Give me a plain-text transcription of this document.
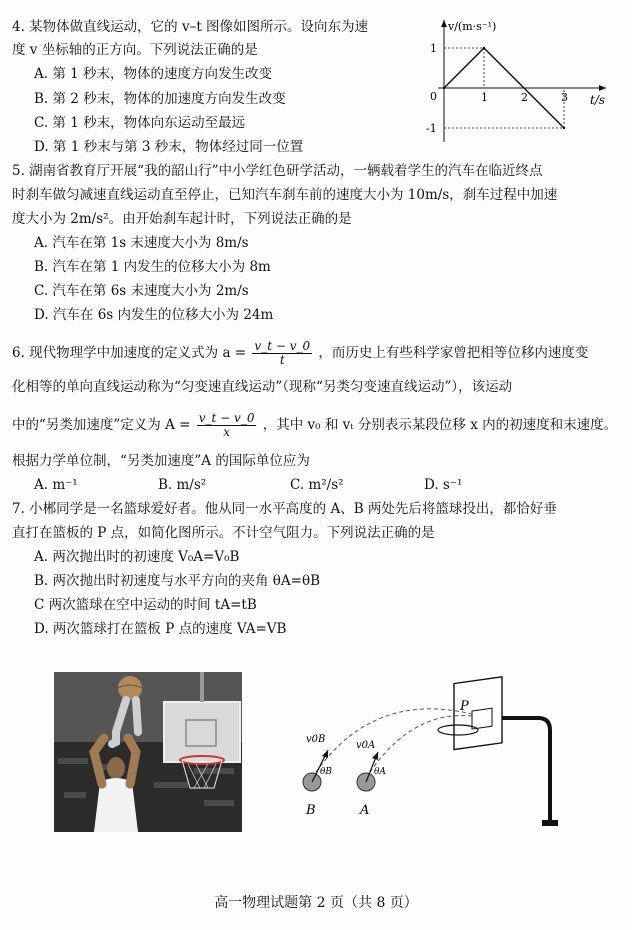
4. 某物体做直线运动，它的 v–t 图像如图所示。设向东为速
度 v 坐标轴的正方向。下列说法正确的是
A. 第 1 秒末，物体的速度方向发生改变
B. 第 2 秒末，物体的加速度方向发生改变
C. 第 1 秒末，物体向东运动至最远
D. 第 1 秒末与第 3 秒末，物体经过同一位置
v/(m·s⁻¹)
t/s
1	2	3
1
0
-1
5. 湖南省教育厅开展“我的韶山行”中小学红色研学活动，一辆载着学生的汽车在临近终点
时刹车做匀减速直线运动直至停止，已知汽车刹车前的速度大小为 10m/s，刹车过程中加速
度大小为 2m/s²。由开始刹车起计时，下列说法正确的是
A. 汽车在第 1s 末速度大小为 8m/s
B. 汽车在第 1 内发生的位移大小为 8m
C. 汽车在第 6s 末速度大小为 2m/s
D. 汽车在 6s 内发生的位移大小为 24m
6. 现代物理学中加速度的定义式为 $a = \frac{v\_t - v\_0}{t}$ ，而历史上有些科学家曾把相等位移内速度变
化相等的单向直线运动称为“匀变速直线运动”（现称“另类匀变速直线运动”），该运动
中的“另类加速度”定义为 $A = \frac{v\_t - v\_0}{x}$ ，其中 v₀ 和 vₜ 分别表示某段位移 x 内的初速度和末速度。
根据力学单位制，“另类加速度”A 的国际单位应为
A. m⁻¹	B. m/s²	C. m²/s²	D. s⁻¹
7. 小郴同学是一名篮球爱好者。他从同一水平高度的 A、B 两处先后将篮球投出，都恰好垂
直打在篮板的 P 点，如简化图所示。不计空气阻力。下列说法正确的是
A. 两次抛出时的初速度 V₀A=V₀B
B. 两次抛出时初速度与水平方向的夹角 θA=θB
C 两次篮球在空中运动的时间 tA=tB
D. 两次篮球打在篮板 P 点的速度 VA=VB
P
v0B
v0A
θB	θA
B	A
高一物理试题第 2 页（共 8 页）
